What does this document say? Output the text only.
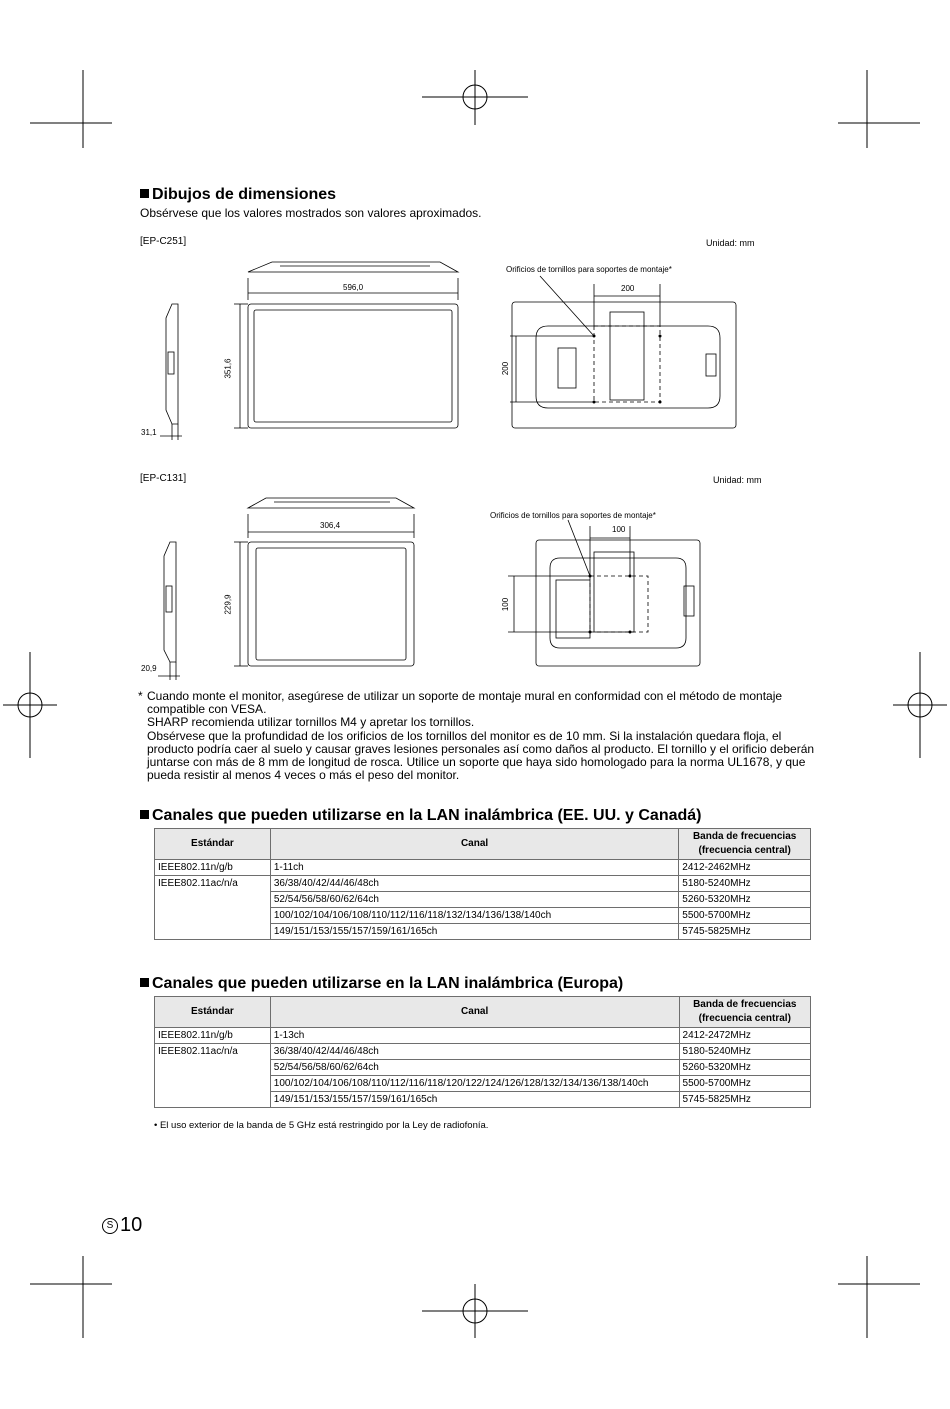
Dibujos de dimensiones
Obsérvese que los valores mostrados son valores aproximados.
[EP-C251]	Unidad: mm
Orificios de tornillos para soportes de montaje*
596,0
351,6
31,1
200
200
[EP-C131]	Unidad: mm
Orificios de tornillos para soportes de montaje*
306,4
229,9
20,9
100
100
* Cuando monte el monitor, asegúrese de utilizar un soporte de montaje mural en conformidad con el método de montaje
compatible con VESA.
SHARP recomienda utilizar tornillos M4 y apretar los tornillos.
Obsérvese que la profundidad de los orificios de los tornillos del monitor es de 10 mm. Si la instalación quedara floja, el
producto podría caer al suelo y causar graves lesiones personales así como daños al producto. El tornillo y el orificio deberán
juntarse con más de 8 mm de longitud de rosca. Utilice un soporte que haya sido homologado para la norma UL1678, y que
pueda resistir al menos 4 veces o más el peso del monitor.
Canales que pueden utilizarse en la LAN inalámbrica (EE. UU. y Canadá)
Estándar	Canal	Banda de frecuencias
(frecuencia central)
IEEE802.11n/g/b	1-11ch	2412-2462MHz
IEEE802.11ac/n/a	36/38/40/42/44/46/48ch	5180-5240MHz
	52/54/56/58/60/62/64ch	5260-5320MHz
	100/102/104/106/108/110/112/116/118/132/134/136/138/140ch	5500-5700MHz
	149/151/153/155/157/159/161/165ch	5745-5825MHz
Canales que pueden utilizarse en la LAN inalámbrica (Europa)
Estándar	Canal	Banda de frecuencias
(frecuencia central)
IEEE802.11n/g/b	1-13ch	2412-2472MHz
IEEE802.11ac/n/a	36/38/40/42/44/46/48ch	5180-5240MHz
	52/54/56/58/60/62/64ch	5260-5320MHz
	100/102/104/106/108/110/112/116/118/120/122/124/126/128/132/134/136/138/140ch	5500-5700MHz
	149/151/153/155/157/159/161/165ch	5745-5825MHz
• El uso exterior de la banda de 5 GHz está restringido por la Ley de radiofonía.
S 10
